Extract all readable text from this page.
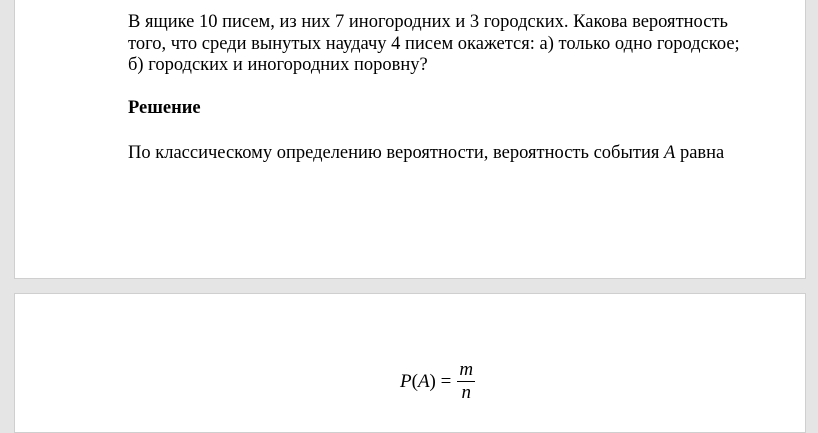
В ящике 10 писем, из них 7 иногородних и 3 городских. Какова вероятность
того, что среди вынутых наудачу 4 писем окажется: а) только одно городское;
б) городских и иногородних поровну?

Решение

По классическому определению вероятности, вероятность события A равна

P ( A ) = $\frac{m}{n}$
